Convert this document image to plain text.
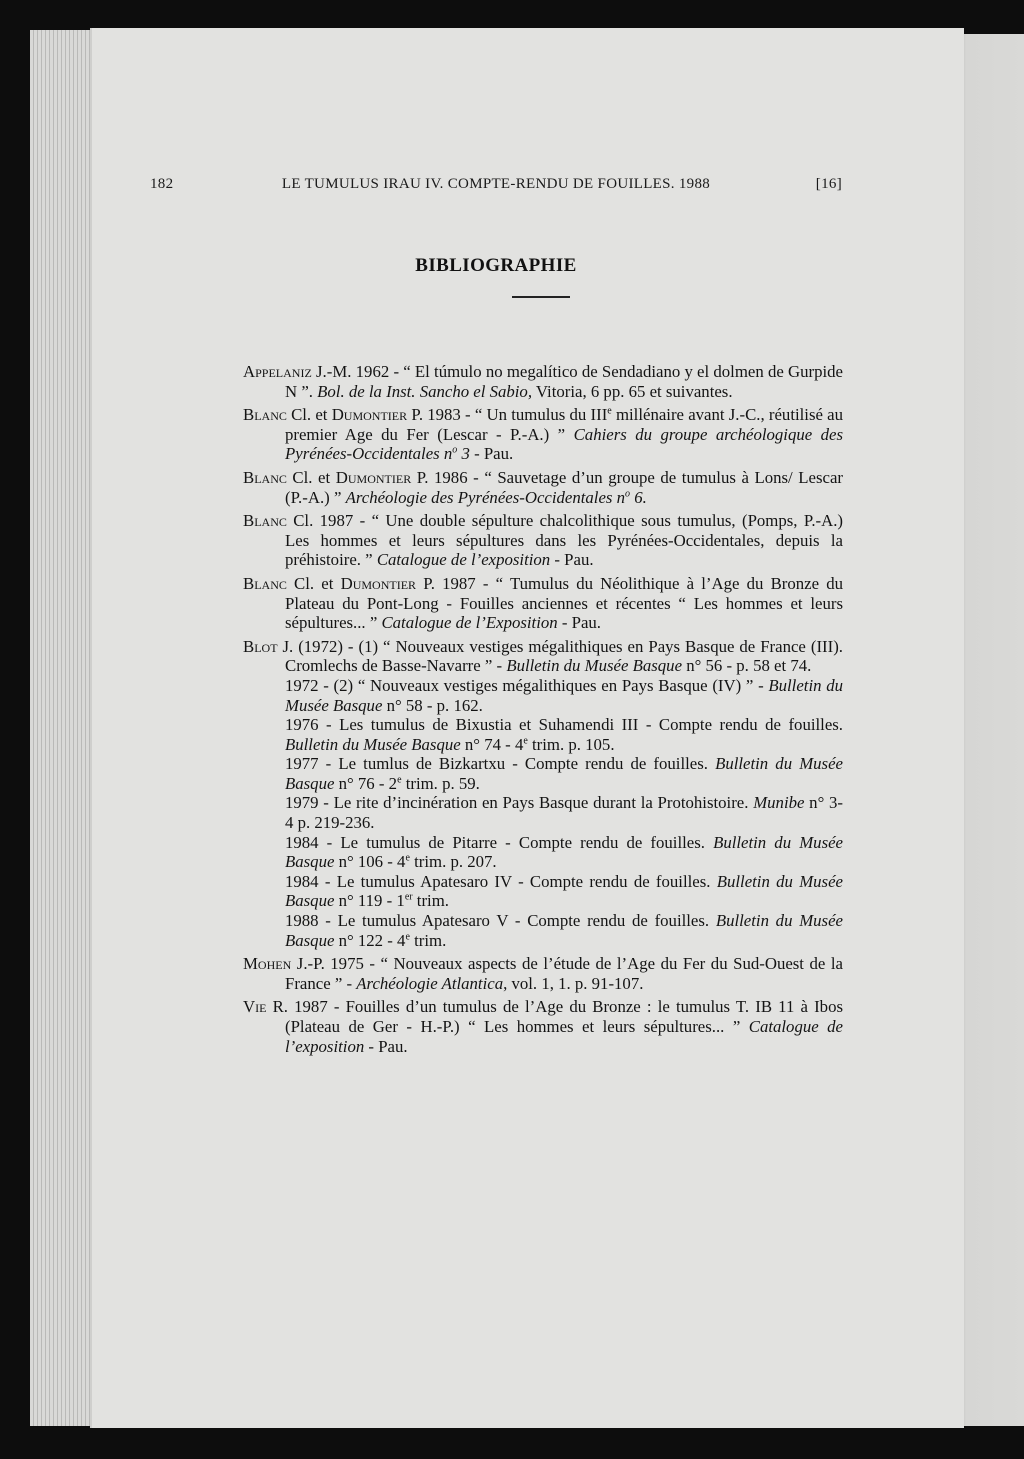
182	LE TUMULUS IRAU IV. COMPTE-RENDU DE FOUILLES. 1988	[16]
BIBLIOGRAPHIE

Appelaniz J.-M. 1962 - “ El túmulo no megalítico de Sendadiano y el dolmen de Gurpide N ”. Bol. de la Inst. Sancho el Sabio, Vitoria, 6 pp. 65 et suivantes.

Blanc Cl. et Dumontier P. 1983 - “ Un tumulus du IIIe millénaire avant J.-C., réutilisé au premier Age du Fer (Lescar - P.-A.) ” Cahiers du groupe archéologique des Pyrénées-Occidentales $n^o$ 3 - Pau.

Blanc Cl. et Dumontier P. 1986 - “ Sauvetage d’un groupe de tumulus à Lons/ Lescar (P.-A.) ” Archéologie des Pyrénées-Occidentales $n^o$ 6.

Blanc Cl. 1987 - “ Une double sépulture chalcolithique sous tumulus, (Pomps, P.-A.) Les hommes et leurs sépultures dans les Pyrénées-Occidentales, depuis la préhistoire. ” Catalogue de l’exposition - Pau.

Blanc Cl. et Dumontier P. 1987 - “ Tumulus du Néolithique à l’Age du Bronze du Plateau du Pont-Long - Fouilles anciennes et récentes “ Les hommes et leurs sépultures... ” Catalogue de l’Exposition - Pau.

Blot J. (1972) - (1) “ Nouveaux vestiges mégalithiques en Pays Basque de France (III). Cromlechs de Basse-Navarre ” - Bulletin du Musée Basque n° 56 - p. 58 et 74.

1972 - (2) “ Nouveaux vestiges mégalithiques en Pays Basque (IV) ” - Bulletin du Musée Basque n° 58 - p. 162.

1976 - Les tumulus de Bixustia et Suhamendi III - Compte rendu de fouilles. Bulletin du Musée Basque n° 74 - 4e trim. p. 105.

1977 - Le tumlus de Bizkartxu - Compte rendu de fouilles. Bulletin du Musée Basque n° 76 - 2e trim. p. 59.

1979 - Le rite d’incinération en Pays Basque durant la Protohistoire. Munibe n° 3-4 p. 219-236.

1984 - Le tumulus de Pitarre - Compte rendu de fouilles. Bulletin du Musée Basque n° 106 - 4e trim. p. 207.

1984 - Le tumulus Apatesaro IV - Compte rendu de fouilles. Bulletin du Musée Basque n° 119 - 1er trim.

1988 - Le tumulus Apatesaro V - Compte rendu de fouilles. Bulletin du Musée Basque n° 122 - 4e trim.

Mohen J.-P. 1975 - “ Nouveaux aspects de l’étude de l’Age du Fer du Sud-Ouest de la France ” - Archéologie Atlantica, vol. 1, 1. p. 91-107.

Vie R. 1987 - Fouilles d’un tumulus de l’Age du Bronze : le tumulus T. IB 11 à Ibos (Plateau de Ger - H.-P.) “ Les hommes et leurs sépultures... ” Catalogue de l’exposition - Pau.
